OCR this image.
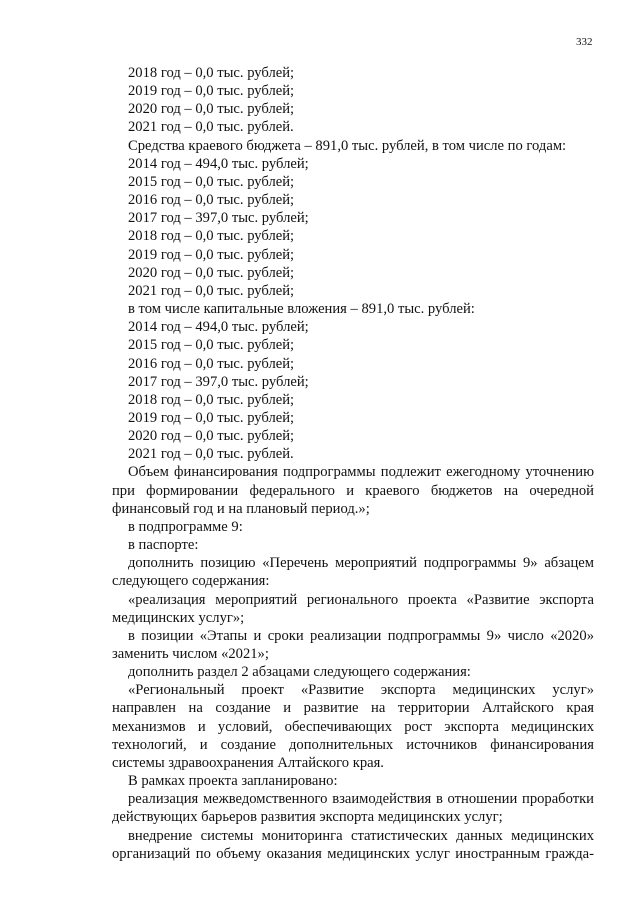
332
2018 год – 0,0 тыс. рублей;
2019 год – 0,0 тыс. рублей;
2020 год – 0,0 тыс. рублей;
2021 год – 0,0 тыс. рублей.
Средства краевого бюджета – 891,0 тыс. рублей, в том числе по годам:
2014 год – 494,0 тыс. рублей;
2015 год – 0,0 тыс. рублей;
2016 год – 0,0 тыс. рублей;
2017 год – 397,0 тыс. рублей;
2018 год – 0,0 тыс. рублей;
2019 год – 0,0 тыс. рублей;
2020 год – 0,0 тыс. рублей;
2021 год – 0,0 тыс. рублей;
в том числе капитальные вложения – 891,0 тыс. рублей:
2014 год – 494,0 тыс. рублей;
2015 год – 0,0 тыс. рублей;
2016 год – 0,0 тыс. рублей;
2017 год – 397,0 тыс. рублей;
2018 год – 0,0 тыс. рублей;
2019 год – 0,0 тыс. рублей;
2020 год – 0,0 тыс. рублей;
2021 год – 0,0 тыс. рублей.
Объем финансирования подпрограммы подлежит ежегодному уточнению при формировании федерального и краевого бюджетов на очередной финансовый год и на плановый период.»;
в подпрограмме 9:
в паспорте:
дополнить позицию «Перечень мероприятий подпрограммы 9» абзацем следующего содержания:
«реализация мероприятий регионального проекта «Развитие экспорта медицинских услуг»;
в позиции «Этапы и сроки реализации подпрограммы 9» число «2020» заменить числом «2021»;
дополнить раздел 2 абзацами следующего содержания:
«Региональный проект «Развитие экспорта медицинских услуг» направлен на создание и развитие на территории Алтайского края механизмов и условий, обеспечивающих рост экспорта медицинских технологий, и создание дополнительных источников финансирования системы здравоохранения Алтайского края.
В рамках проекта запланировано:
реализация межведомственного взаимодействия в отношении проработки действующих барьеров развития экспорта медицинских услуг;
внедрение системы мониторинга статистических данных медицинских организаций по объему оказания медицинских услуг иностранным гражда-
